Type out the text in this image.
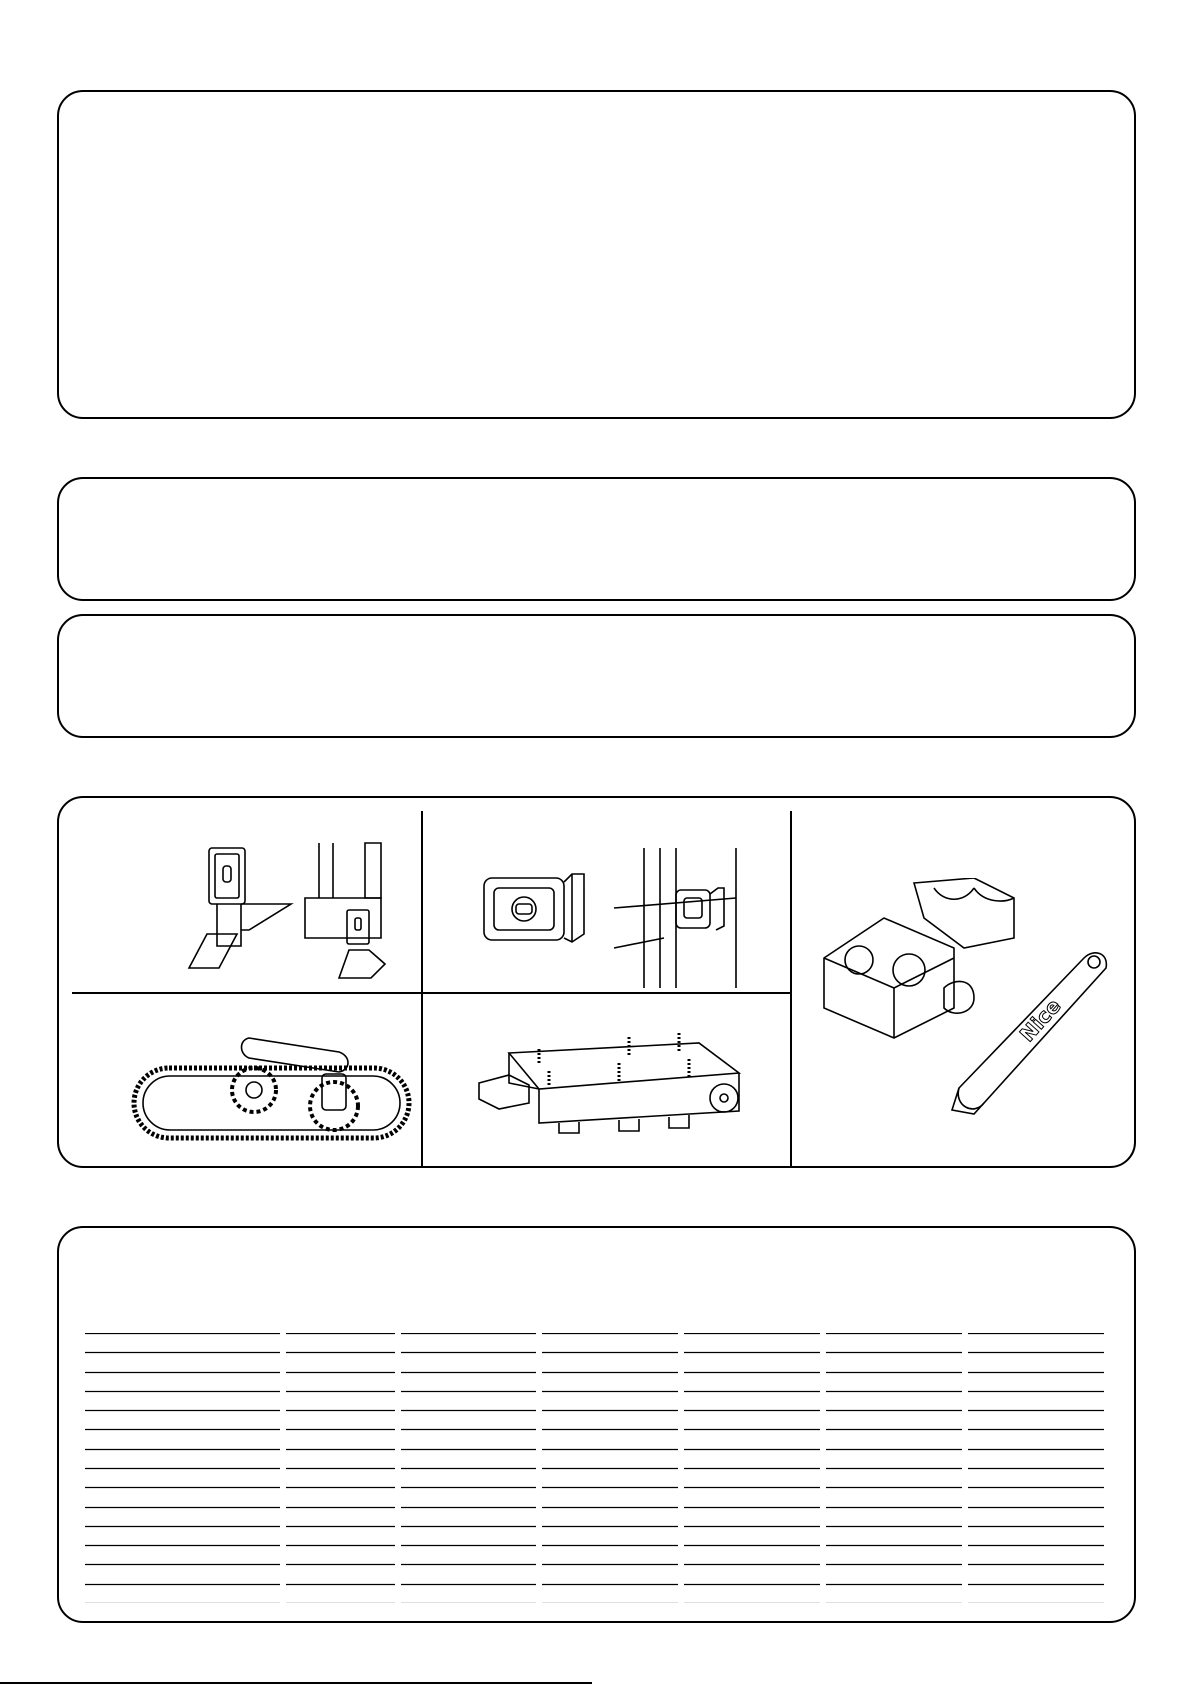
Nice
